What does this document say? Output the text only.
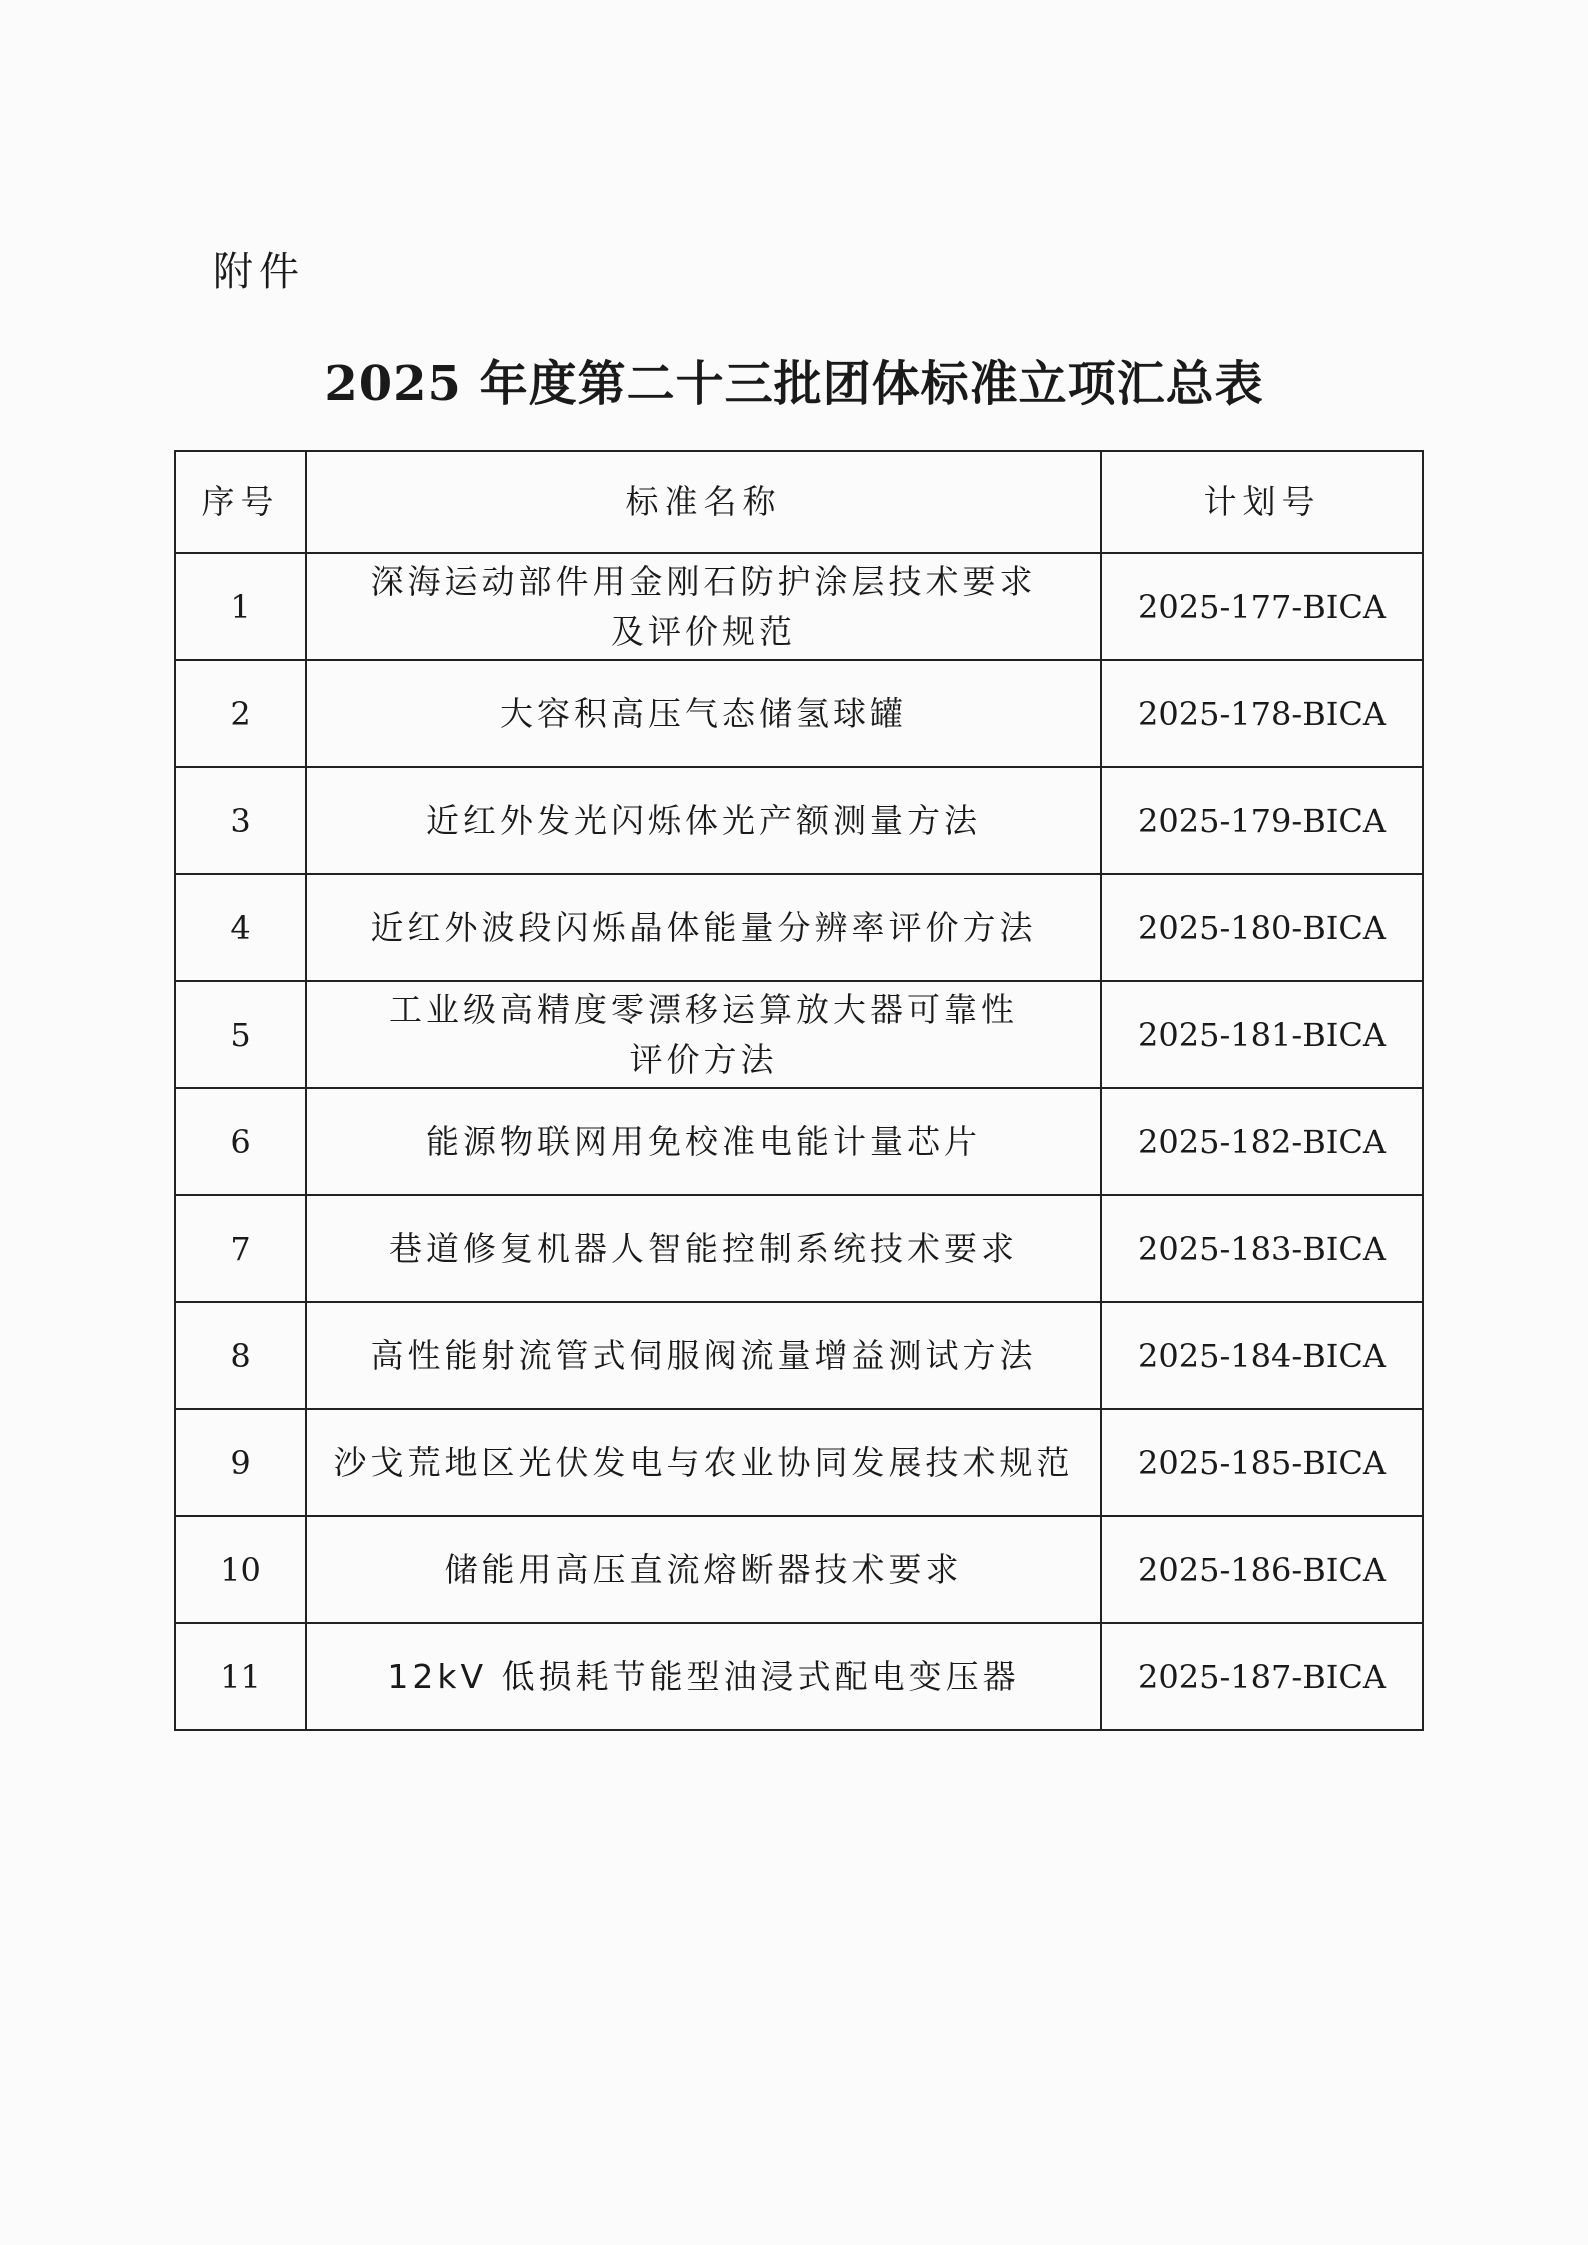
附件

2025 年度第二十三批团体标准立项汇总表
序号	标准名称	计划号
1	深海运动部件用金刚石防护涂层技术要求
及评价规范	2025-177-BICA
2	大容积高压气态储氢球罐	2025-178-BICA
3	近红外发光闪烁体光产额测量方法	2025-179-BICA
4	近红外波段闪烁晶体能量分辨率评价方法	2025-180-BICA
5	工业级高精度零漂移运算放大器可靠性
评价方法	2025-181-BICA
6	能源物联网用免校准电能计量芯片	2025-182-BICA
7	巷道修复机器人智能控制系统技术要求	2025-183-BICA
8	高性能射流管式伺服阀流量增益测试方法	2025-184-BICA
9	沙戈荒地区光伏发电与农业协同发展技术规范	2025-185-BICA
10	储能用高压直流熔断器技术要求	2025-186-BICA
11	12kV 低损耗节能型油浸式配电变压器	2025-187-BICA
